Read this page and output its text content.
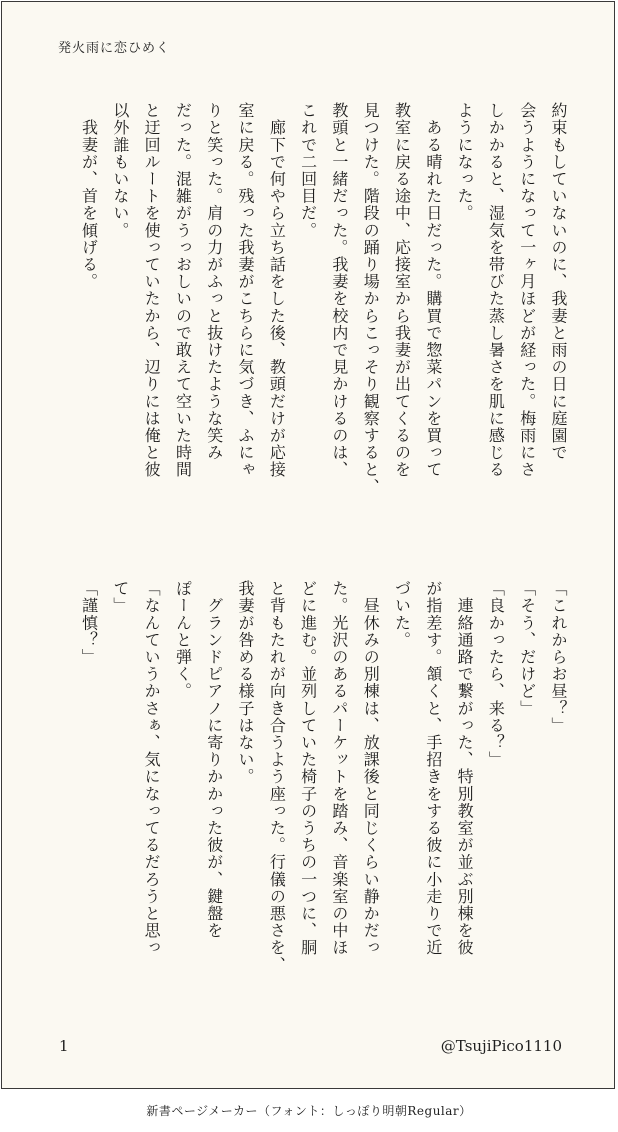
発火雨に恋ひめく
約束もしていないのに、我妻と雨の日に庭園で
会うようになって一ヶ月ほどが経った。梅雨にさ
しかかると、湿気を帯びた蒸し暑さを肌に感じる
ようになった。
　ある晴れた日だった。購買で惣菜パンを買って
教室に戻る途中、応接室から我妻が出てくるのを
見つけた。階段の踊り場からこっそり観察すると、
教頭と一緒だった。我妻を校内で見かけるのは、
これで二回目だ。
　廊下で何やら立ち話をした後、教頭だけが応接
室に戻る。残った我妻がこちらに気づき、ふにゃ
りと笑った。肩の力がふっと抜けたような笑み
だった。混雑がうっおしいので敢えて空いた時間
と迂回ルートを使っていたから、辺りには俺と彼
以外誰もいない。
　我妻が、首を傾げる。
「これからお昼？」
「そう、だけど」
「良かったら、来る？」
　連絡通路で繋がった、特別教室が並ぶ別棟を彼
が指差す。頷くと、手招きをする彼に小走りで近
づいた。
　昼休みの別棟は、放課後と同じくらい静かだっ
た。光沢のあるパーケットを踏み、音楽室の中ほ
どに進む。並列していた椅子のうちの一つに、胴
と背もたれが向き合うよう座った。行儀の悪さを、
我妻が咎める様子はない。
　グランドピアノに寄りかかった彼が、鍵盤を
ぽーんと弾く。
「なんていうかさぁ、気になってるだろうと思っ
て」
「謹慎？」
1	@TsujiPico1110
新書ページメーカー（フォント：しっぽり明朝Regular）
